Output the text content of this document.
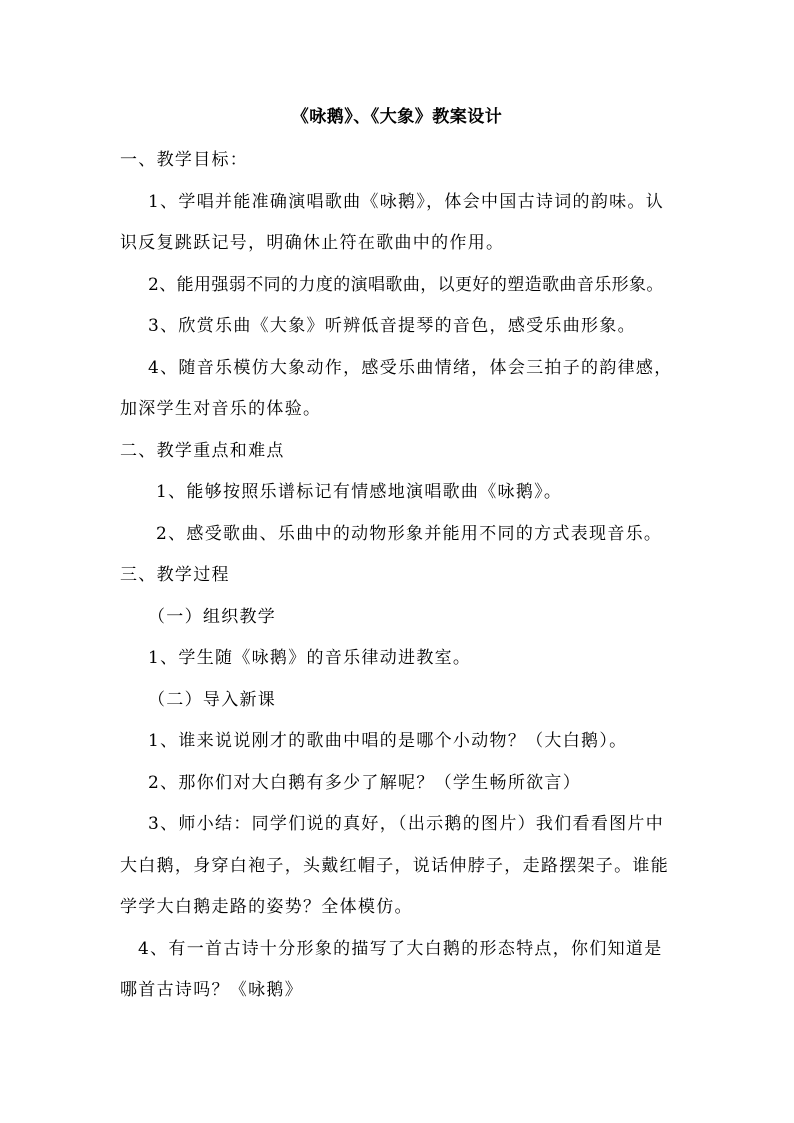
《咏鹅》、《大象》教案设计
一、教学目标：
1、学唱并能准确演唱歌曲《咏鹅》，体会中国古诗词的韵味。认
识反复跳跃记号，明确休止符在歌曲中的作用。
2、能用强弱不同的力度的演唱歌曲，以更好的塑造歌曲音乐形象。
3、欣赏乐曲《大象》听辨低音提琴的音色，感受乐曲形象。
4、随音乐模仿大象动作，感受乐曲情绪，体会三拍子的韵律感，
加深学生对音乐的体验。
二、教学重点和难点
1、能够按照乐谱标记有情感地演唱歌曲《咏鹅》。
2、感受歌曲、乐曲中的动物形象并能用不同的方式表现音乐。
三、教学过程
（一）组织教学
1、学生随《咏鹅》的音乐律动进教室。
（二）导入新课
1、谁来说说刚才的歌曲中唱的是哪个小动物？（大白鹅）。
2、那你们对大白鹅有多少了解呢？（学生畅所欲言）
3、师小结：同学们说的真好，（出示鹅的图片）我们看看图片中
大白鹅，身穿白袍子，头戴红帽子，说话伸脖子，走路摆架子。谁能
学学大白鹅走路的姿势？全体模仿。
4、有一首古诗十分形象的描写了大白鹅的形态特点，你们知道是
哪首古诗吗？《咏鹅》
